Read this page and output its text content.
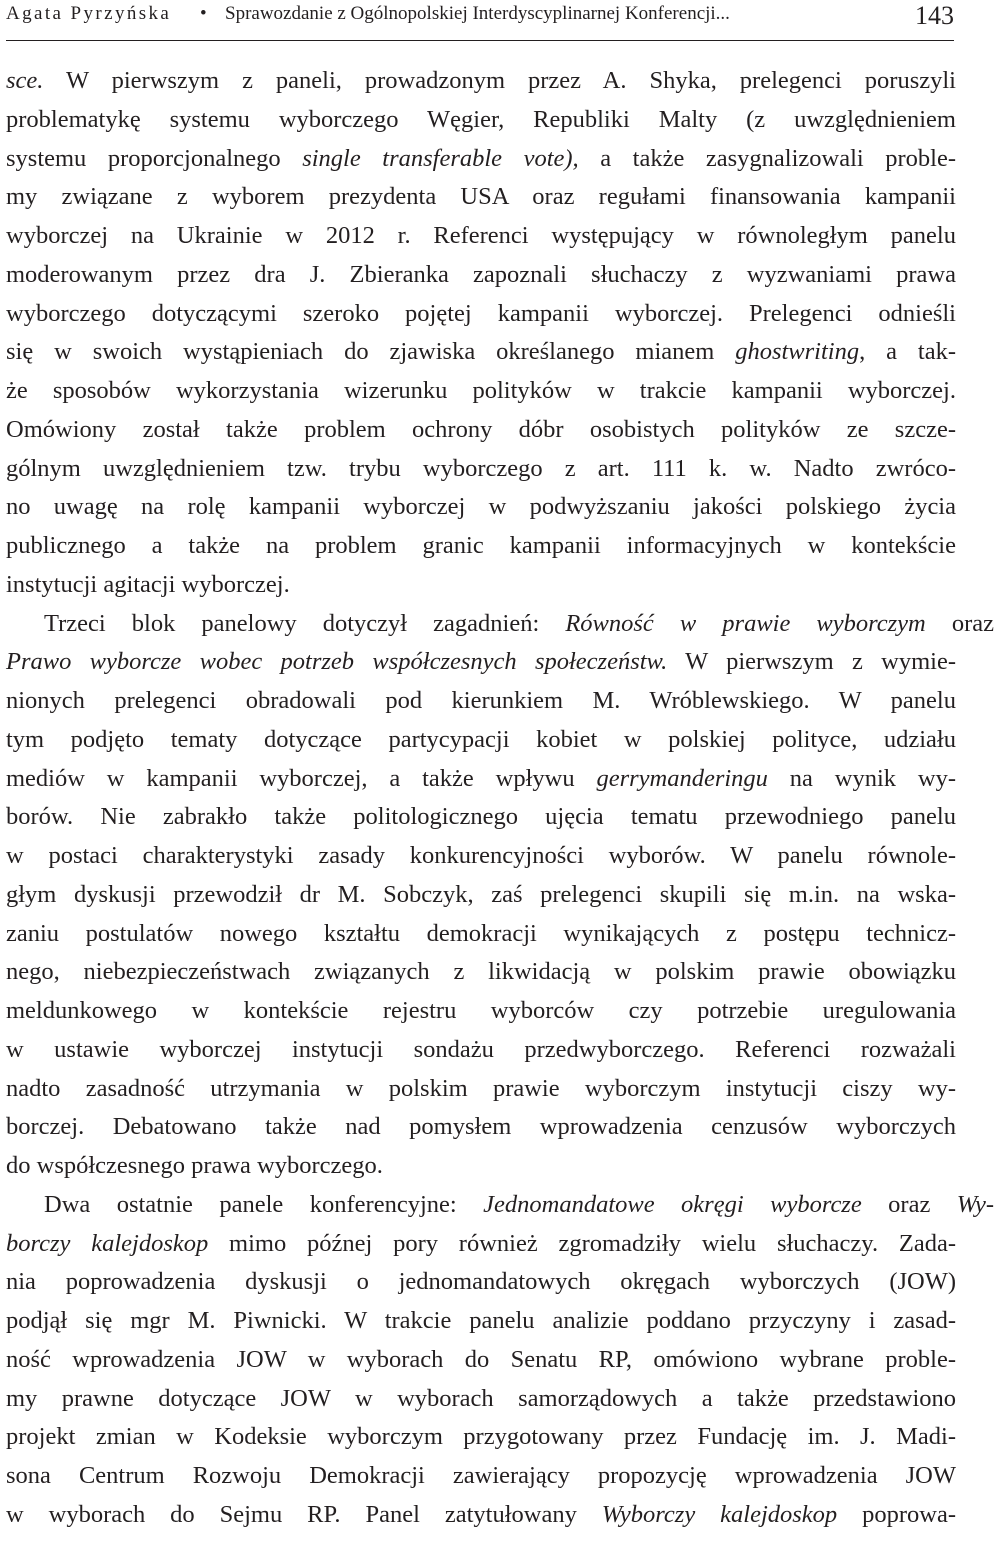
Agata Pyrzyńska • Sprawozdanie z Ogólnopolskiej Interdyscyplinarnej Konferencji...	143
sce. W pierwszym z paneli, prowadzonym przez A. Shyka, prelegenci poruszyli
problematykę systemu wyborczego Węgier, Republiki Malty (z uwzględnieniem
systemu proporcjonalnego single transferable vote), a także zasygnalizowali proble-
my związane z wyborem prezydenta USA oraz regułami finansowania kampanii
wyborczej na Ukrainie w 2012 r. Referenci występujący w równoległym panelu
moderowanym przez dra J. Zbieranka zapoznali słuchaczy z wyzwaniami prawa
wyborczego dotyczącymi szeroko pojętej kampanii wyborczej. Prelegenci odnieśli
się w swoich wystąpieniach do zjawiska określanego mianem ghostwriting, a tak-
że sposobów wykorzystania wizerunku polityków w trakcie kampanii wyborczej.
Omówiony został także problem ochrony dóbr osobistych polityków ze szcze-
gólnym uwzględnieniem tzw. trybu wyborczego z art. 111 k. w. Nadto zwróco-
no uwagę na rolę kampanii wyborczej w podwyższaniu jakości polskiego życia
publicznego a także na problem granic kampanii informacyjnych w kontekście
instytucji agitacji wyborczej.
Trzeci blok panelowy dotyczył zagadnień: Równość w prawie wyborczym oraz
Prawo wyborcze wobec potrzeb współczesnych społeczeństw. W pierwszym z wymie-
nionych prelegenci obradowali pod kierunkiem M. Wróblewskiego. W panelu
tym podjęto tematy dotyczące partycypacji kobiet w polskiej polityce, udziału
mediów w kampanii wyborczej, a także wpływu gerrymanderingu na wynik wy-
borów. Nie zabrakło także politologicznego ujęcia tematu przewodniego panelu
w postaci charakterystyki zasady konkurencyjności wyborów. W panelu równole-
głym dyskusji przewodził dr M. Sobczyk, zaś prelegenci skupili się m.in. na wska-
zaniu postulatów nowego kształtu demokracji wynikających z postępu technicz-
nego, niebezpieczeństwach związanych z likwidacją w polskim prawie obowiązku
meldunkowego w kontekście rejestru wyborców czy potrzebie uregulowania
w ustawie wyborczej instytucji sondażu przedwyborczego. Referenci rozważali
nadto zasadność utrzymania w polskim prawie wyborczym instytucji ciszy wy-
borczej. Debatowano także nad pomysłem wprowadzenia cenzusów wyborczych
do współczesnego prawa wyborczego.
Dwa ostatnie panele konferencyjne: Jednomandatowe okręgi wyborcze oraz Wy-
borczy kalejdoskop mimo późnej pory również zgromadziły wielu słuchaczy. Zada-
nia poprowadzenia dyskusji o jednomandatowych okręgach wyborczych (JOW)
podjął się mgr M. Piwnicki. W trakcie panelu analizie poddano przyczyny i zasad-
ność wprowadzenia JOW w wyborach do Senatu RP, omówiono wybrane proble-
my prawne dotyczące JOW w wyborach samorządowych a także przedstawiono
projekt zmian w Kodeksie wyborczym przygotowany przez Fundację im. J. Madi-
sona Centrum Rozwoju Demokracji zawierający propozycję wprowadzenia JOW
w wyborach do Sejmu RP. Panel zatytułowany Wyborczy kalejdoskop poprowa-
